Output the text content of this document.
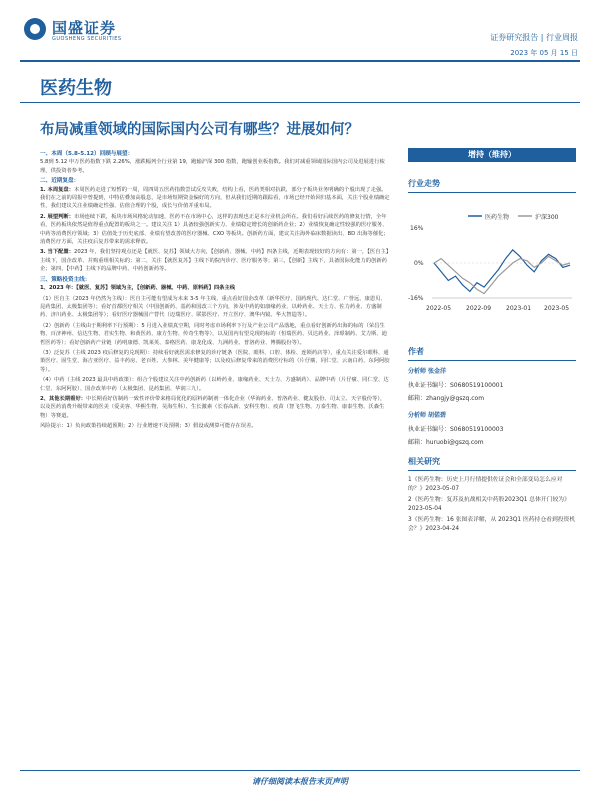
国盛证券
GUOSHENG SECURITIES	证券研究报告 | 行业周报
2023 年 05 月 15 日
医药生物
布局减重领域的国际国内公司有哪些？进展如何？
一、本周（5.8-5.12）回顾与展望：

5.8到 5.12 申万医药指数下跌 2.26%，涨跌幅列全行业第 19，跑输沪深 300 指数，跑输创业板指数。我们对减重领域国际国内公司及进展进行梳理，供投资者参考。

二、近期复盘：

1. 本周复盘：本周医药走进了短暂的一周，周四周五医药指数尝试反攻失败，结构上看，医药类相对抗跌，部分子板块业务明确的个股出现了走强。我们在之前的周报中曾提到，中特估叠加高股息，是市场短期资金偏好的方向，但从我们近期的跟踪看，市场已经开始回归基本面，关注个股业绩确定性，我们建议关注业绩确定性强、估值合理的个股，成长与价值并重布局。

2. 展望判断：市场连续下跌，板块市场风格轮动加速，医药不在市场中心，这样的表现也正是本行业机会所在。我们看好后续医药的修复行情，全年看，医药板块依然是值得重点配置的板块之一。建议关注 1）具备较强创新实力、业绩稳定增长的创新药企业；2）业绩恢复确定性较强的医疗服务、中药等消费医疗领域；3）估值处于历史底部、业绩有望改善的医疗器械、CXO 等板块。创新药方面，建议关注海外临床数据读出、BD 出海等催化；消费医疗方面，关注疫后复苏带来的需求释放。

3. 当下配置：2023 年，我们坚持观点还是【就医、复苏】领域大方向，【创新药、器械、中药】四条主线，近期表现较好的方向有：第一，【医自主】主线下，国企改革、并购重组相关标的；第二，关注【就医复苏】主线下的院内诊疗、医疗服务等；第三，【创新】主线下，具备国际化能力的创新药企；第四，【中药】主线下的品牌中药、中药创新药等。

三、策略投资主线：

1、2023 年：【就医、复苏】领域为主，【创新药、器械、中药、原料药】四条主线

（1）医自主（2023 年仍然为主线）：医自主可能有望成为未来 3-5 年主线，重点看好国企改革（新华医疗、国药现代、达仁堂、广誉远、康恩贝、昆药集团、太极集团等）；看好首都医疗相关（中国创新药、基药和国改三个方向，涉及中药的如康缘药业、以岭药业、天士力、佐力药业、方盛制药、济川药业、太极集团等）；看好医疗器械国产替代（迈瑞医疗、联影医疗、开立医疗、澳华内镜、华大智造等）。

（2）创新药（主线由于期利率下行预期）：5 月进入业绩真空期，同时考虑市场利率下行及产业公司产品落地，重点看好创新药出海的标的（荣昌生物、百济神州、信达生物、君实生物、和黄医药、康方生物、传奇生物等），以及国内有望兑现的标的（恒瑞医药、贝达药业、泽璟制药、艾力斯、迪哲医药等）；看好创新药产业链（药明康德、凯莱英、泰格医药、康龙化成、九洲药业、普洛药业、博腾股份等）。

（3）泛复苏（主线 2023 疫后修复的兑现期）：持续看好就医需求修复的诊疗链条（医院、眼科、口腔、体检、连锁药店等），重点关注爱尔眼科、通策医疗、固生堂、海吉亚医疗、益丰药房、老百姓、大参林、美年健康等；以及疫后修复带来的消费医疗标的（片仔癀、同仁堂、云南白药、东阿阿胶等）。

（4）中药（主线 2023 最具中药政策）：组合个股建议关注中药创新药（以岭药业、康缘药业、天士力、方盛制药）、品牌中药（片仔癀、同仁堂、达仁堂、东阿阿胶）、国企改革中药（太极集团、昆药集团、华润三九）。

2、其他长期看好：中长期看好仿制药一致性评价带来格局优化的原料药制剂一体化企业（华海药业、普洛药业、健友股份、司太立、天宇股份等），以及医药消费升级带来的医美（爱美客、华熙生物、昊海生科）、生长激素（长春高新、安科生物）、疫苗（智飞生物、万泰生物、康泰生物、沃森生物）等赛道。

风险提示：1）负向政策持续超预期；2）行业增速不及预期；3）假设或测算可能存在误差。

增持（维持）
行业走势
医药生物	沪深300
16%
0%
-16%
2022-05 2022-09 2023-01 2023-05
作者
分析师 张金洋
执业证书编号：S0680519100001
邮箱：zhangjy@gszq.com
分析师 胡偌碧
执业证书编号：S0680519100003
邮箱：huruobi@gszq.com
相关研究
1《医药生物：历史上月行情提供佐证会和全部变局怎么应对的？》2023-05-07
2《医药生物：复苏及抗战相关中药股2023Q1 总体开门较为》2023-05-04
3《医药生物：16 张图表详解，从 2023Q1 医药持仓看到投资机会？》2023-04-24
请仔细阅读本报告末页声明
